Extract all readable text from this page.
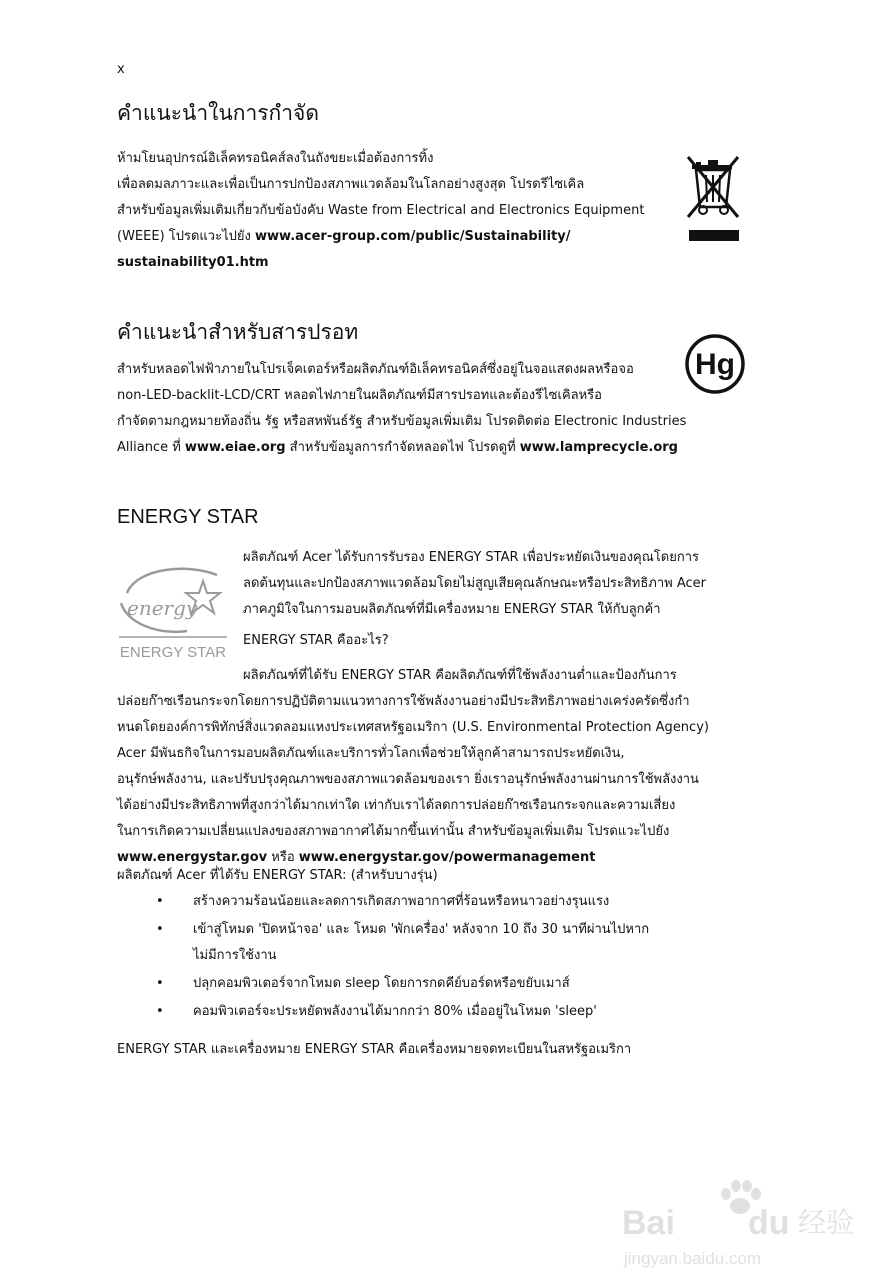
x
คำแนะนำในการกำจัด
ห้ามโยนอุปกรณ์อิเล็คทรอนิคส์ลงในถังขยะเมื่อต้องการทิ้ง
เพื่อลดมลภาวะและเพื่อเป็นการปกป้องสภาพแวดล้อมในโลกอย่างสูงสุด โปรดรีไซเคิล
สำหรับข้อมูลเพิ่มเติมเกี่ยวกับข้อบังคับ Waste from Electrical and Electronics Equipment
(WEEE) โปรดแวะไปยัง www.acer-group.com/public/Sustainability/
sustainability01.htm
คำแนะนำสำหรับสารปรอท
สำหรับหลอดไฟฟ้าภายในโปรเจ็คเตอร์หรือผลิตภัณฑ์อิเล็คทรอนิคส์ซึ่งอยู่ในจอแสดงผลหรือจอ
non-LED-backlit-LCD/CRT หลอดไฟภายในผลิตภัณฑ์มีสารปรอทและต้องรีไซเคิลหรือ
กำจัดตามกฎหมายท้องถิ่น รัฐ หรือสหพันธ์รัฐ สำหรับข้อมูลเพิ่มเติม โปรดติดต่อ Electronic Industries
Alliance ที่ www.eiae.org สำหรับข้อมูลการกำจัดหลอดไฟ โปรดดูที่ www.lamprecycle.org
Hg
ENERGY STAR
energy
ENERGY STAR
ผลิตภัณฑ์ Acer ได้รับการรับรอง ENERGY STAR เพื่อประหยัดเงินของคุณโดยการ
ลดต้นทุนและปกป้องสภาพแวดล้อมโดยไม่สูญเสียคุณลักษณะหรือประสิทธิภาพ Acer
ภาคภูมิใจในการมอบผลิตภัณฑ์ที่มีเครื่องหมาย ENERGY STAR ให้กับลูกค้า
ENERGY STAR คืออะไร?
ผลิตภัณฑ์ที่ได้รับ ENERGY STAR คือผลิตภัณฑ์ที่ใช้พลังงานต่ำและป้องกันการ
ปล่อยก๊าซเรือนกระจกโดยการปฏิบัติตามแนวทางการใช้พลังงานอย่างมีประสิทธิภาพอย่างเคร่งครัดซึ่งกำ
หนดโดยองค์การพิทักษ์สิ่งแวดลอมแหงประเทศสหรัฐอเมริกา (U.S. Environmental Protection Agency)
Acer มีพันธกิจในการมอบผลิตภัณฑ์และบริการทั่วโลกเพื่อช่วยให้ลูกค้าสามารถประหยัดเงิน,
อนุรักษ์พลังงาน, และปรับปรุงคุณภาพของสภาพแวดล้อมของเรา ยิ่งเราอนุรักษ์พลังงานผ่านการใช้พลังงาน
ได้อย่างมีประสิทธิภาพที่สูงกว่าได้มากเท่าใด เท่ากับเราได้ลดการปล่อยก๊าซเรือนกระจกและความเสี่ยง
ในการเกิดความเปลี่ยนแปลงของสภาพอากาศได้มากขึ้นเท่านั้น สำหรับข้อมูลเพิ่มเติม โปรดแวะไปยัง
www.energystar.gov หรือ www.energystar.gov/powermanagement
ผลิตภัณฑ์ Acer ที่ได้รับ ENERGY STAR: (สำหรับบางรุ่น)
• สร้างความร้อนน้อยและลดการเกิดสภาพอากาศที่ร้อนหรือหนาวอย่างรุนแรง
• เข้าสู่โหมด 'ปิดหน้าจอ' และ โหมด 'พักเครื่อง' หลังจาก 10 ถึง 30 นาทีผ่านไปหาก
ไม่มีการใช้งาน
• ปลุกคอมพิวเตอร์จากโหมด sleep โดยการกดคีย์บอร์ดหรือขยับเมาส์
• คอมพิวเตอร์จะประหยัดพลังงานได้มากกว่า 80% เมื่ออยู่ในโหมด 'sleep'
ENERGY STAR และเครื่องหมาย ENERGY STAR คือเครื่องหมายจดทะเบียนในสหรัฐอเมริกา
Bai du 经验
jingyan.baidu.com
